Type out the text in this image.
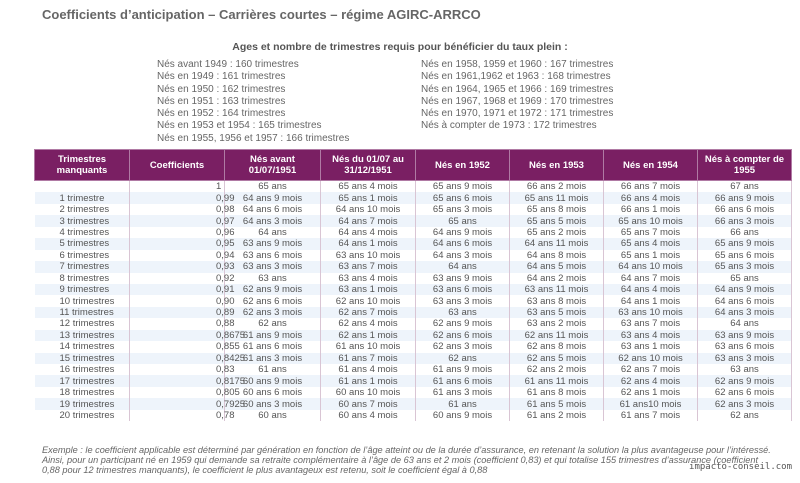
Coefficients d’anticipation – Carrières courtes – régime AGIRC-ARRCO
Ages et nombre de trimestres requis pour bénéficier du taux plein :
Nés avant 1949 : 160 trimestres
Nés en 1949 : 161 trimestres
Nés en 1950 : 162 trimestres
Nés en 1951 : 163 trimestres
Nés en 1952 : 164 trimestres
Nés en 1953 et 1954 : 165 trimestres
Nés en 1955, 1956 et 1957 : 166 trimestres
Nés en 1958, 1959 et 1960 : 167 trimestres
Nés en 1961,1962 et 1963 : 168 trimestres
Nés en 1964, 1965 et 1966 : 169 trimestres
Nés en 1967, 1968 et 1969 : 170 trimestres
Nés en 1970, 1971 et 1972 : 171 trimestres
Nés à compter de 1973 : 172 trimestres
Trimestres manquants	Coefficients	Nés avant 01/07/1951	Nés du 01/07 au 31/12/1951	Nés en 1952	Nés en 1953	Nés en 1954	Nés à compter de 1955
	1	65 ans	65 ans 4 mois	65 ans 9 mois	66 ans 2 mois	66 ans 7 mois	67 ans
1 trimestre	0,99	64 ans 9 mois	65 ans 1 mois	65 ans 6 mois	65 ans 11 mois	66 ans 4 mois	66 ans 9 mois
2 trimestres	0,98	64 ans 6 mois	64 ans 10 mois	65 ans 3 mois	65 ans 8 mois	66 ans 1 mois	66 ans 6 mois
3 trimestres	0,97	64 ans 3 mois	64 ans 7 mois	65 ans	65 ans 5 mois	65 ans 10 mois	66 ans 3 mois
4 trimestres	0,96	64 ans	64 ans 4 mois	64 ans 9 mois	65 ans 2 mois	65 ans 7 mois	66 ans
5 trimestres	0,95	63 ans 9 mois	64 ans 1 mois	64 ans 6 mois	64 ans 11 mois	65 ans 4 mois	65 ans 9 mois
6 trimestres	0,94	63 ans 6 mois	63 ans 10 mois	64 ans 3 mois	64 ans 8 mois	65 ans 1 mois	65 ans 6 mois
7 trimestres	0,93	63 ans 3 mois	63 ans 7 mois	64 ans	64 ans 5 mois	64 ans 10 mois	65 ans 3 mois
8 trimestres	0,92	63 ans	63 ans 4 mois	63 ans 9 mois	64 ans 2 mois	64 ans 7 mois	65 ans
9 trimestres	0,91	62 ans 9 mois	63 ans 1 mois	63 ans 6 mois	63 ans 11 mois	64 ans 4 mois	64 ans 9 mois
10 trimestres	0,90	62 ans 6 mois	62 ans 10 mois	63 ans 3 mois	63 ans 8 mois	64 ans 1 mois	64 ans 6 mois
11 trimestres	0,89	62 ans 3 mois	62 ans 7 mois	63 ans	63 ans 5 mois	63 ans 10 mois	64 ans 3 mois
12 trimestres	0,88	62 ans	62 ans 4 mois	62 ans 9 mois	63 ans 2 mois	63 ans 7 mois	64 ans
13 trimestres	0,8675	61 ans 9 mois	62 ans 1 mois	62 ans 6 mois	62 ans 11 mois	63 ans 4 mois	63 ans 9 mois
14 trimestres	0,855	61 ans 6 mois	61 ans 10 mois	62 ans 3 mois	62 ans 8 mois	63 ans 1 mois	63 ans 6 mois
15 trimestres	0,8425	61 ans 3 mois	61 ans 7 mois	62 ans	62 ans 5 mois	62 ans 10 mois	63 ans 3 mois
16 trimestres	0,83	61 ans	61 ans 4 mois	61 ans 9 mois	62 ans 2 mois	62 ans 7 mois	63 ans
17 trimestres	0,8175	60 ans 9 mois	61 ans 1 mois	61 ans 6 mois	61 ans 11 mois	62 ans 4 mois	62 ans 9 mois
18 trimestres	0,805	60 ans 6 mois	60 ans 10 mois	61 ans 3 mois	61 ans 8 mois	62 ans 1 mois	62 ans 6 mois
19 trimestres	0,7925	60 ans 3 mois	60 ans 7 mois	61 ans	61 ans 5 mois	61 ans10 mois	62 ans 3 mois
20 trimestres	0,78	60 ans	60 ans 4 mois	60 ans 9 mois	61 ans 2 mois	61 ans 7 mois	62 ans
Exemple : le coefficient applicable est déterminé par génération en fonction de l’âge atteint ou de la durée d’assurance, en retenant la solution la plus avantageuse pour l’intéressé. Ainsi, pour un participant né en 1959 qui demande sa retraite complémentaire à l’âge de 63 ans et 2 mois (coefficient 0,83) et qui totalise 155 trimestres d’assurance (coefficient 0,88 pour 12 trimestres manquants), le coefficient le plus avantageux est retenu, soit le coefficient égal à 0,88	impacto-conseil.com
